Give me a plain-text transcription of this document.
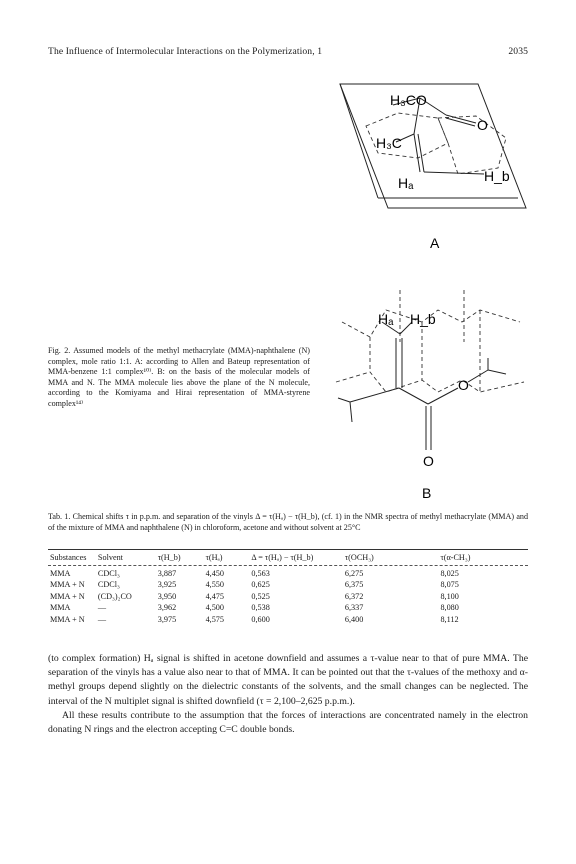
The Influence of Intermolecular Interactions on the Polymerization, 1	2035
H₃CO
O
H₃C
Hₐ	H_b
A
Hₐ H_b
O
O
B
Fig. 2. Assumed models of the methyl methacrylate (MMA)-naphthalene (N) complex, mole ratio 1:1. A: according to Allen and Bateup representation of MMA-benzene 1:1 complex¹⁰⁾. B: on the basis of the molecular models of MMA and N. The MMA molecule lies above the plane of the N molecule, according to the Komiyama and Hirai representation of MMA-styrene complex¹⁴⁾
Tab. 1. Chemical shifts τ in p.p.m. and separation of the vinyls Δ = τ(Hₐ) − τ(H_b), (cf. 1) in the NMR spectra of methyl methacrylate (MMA) and of the mixture of MMA and naphthalene (N) in chloroform, acetone and without solvent at 25°C
Substances	Solvent	τ(H_b)	τ(Hₐ)	Δ = τ(Hₐ) − τ(H_b)	τ(OCH₃)	τ(α-CH₃)

MMA	CDCl₃	3,887	4,450	0,563	6,275	8,025
MMA + N	CDCl₃	3,925	4,550	0,625	6,375	8,075
MMA + N	(CD₃)₂CO	3,950	4,475	0,525	6,372	8,100
MMA	—	3,962	4,500	0,538	6,337	8,080
MMA + N	—	3,975	4,575	0,600	6,400	8,112

(to complex formation) Hₐ signal is shifted in acetone downfield and assumes a τ-value near to that of pure MMA. The separation of the vinyls has a value also near to that of MMA. It can be pointed out that the τ-values of the methoxy and α-methyl groups depend slightly on the dielectric constants of the solvents, and the small changes can be neglected. The interval of the N multiplet signal is shifted downfield (τ = 2,100–2,625 p.p.m.).

All these results contribute to the assumption that the forces of interactions are concentrated namely in the electron donating N rings and the electron accepting C=C double bonds.
